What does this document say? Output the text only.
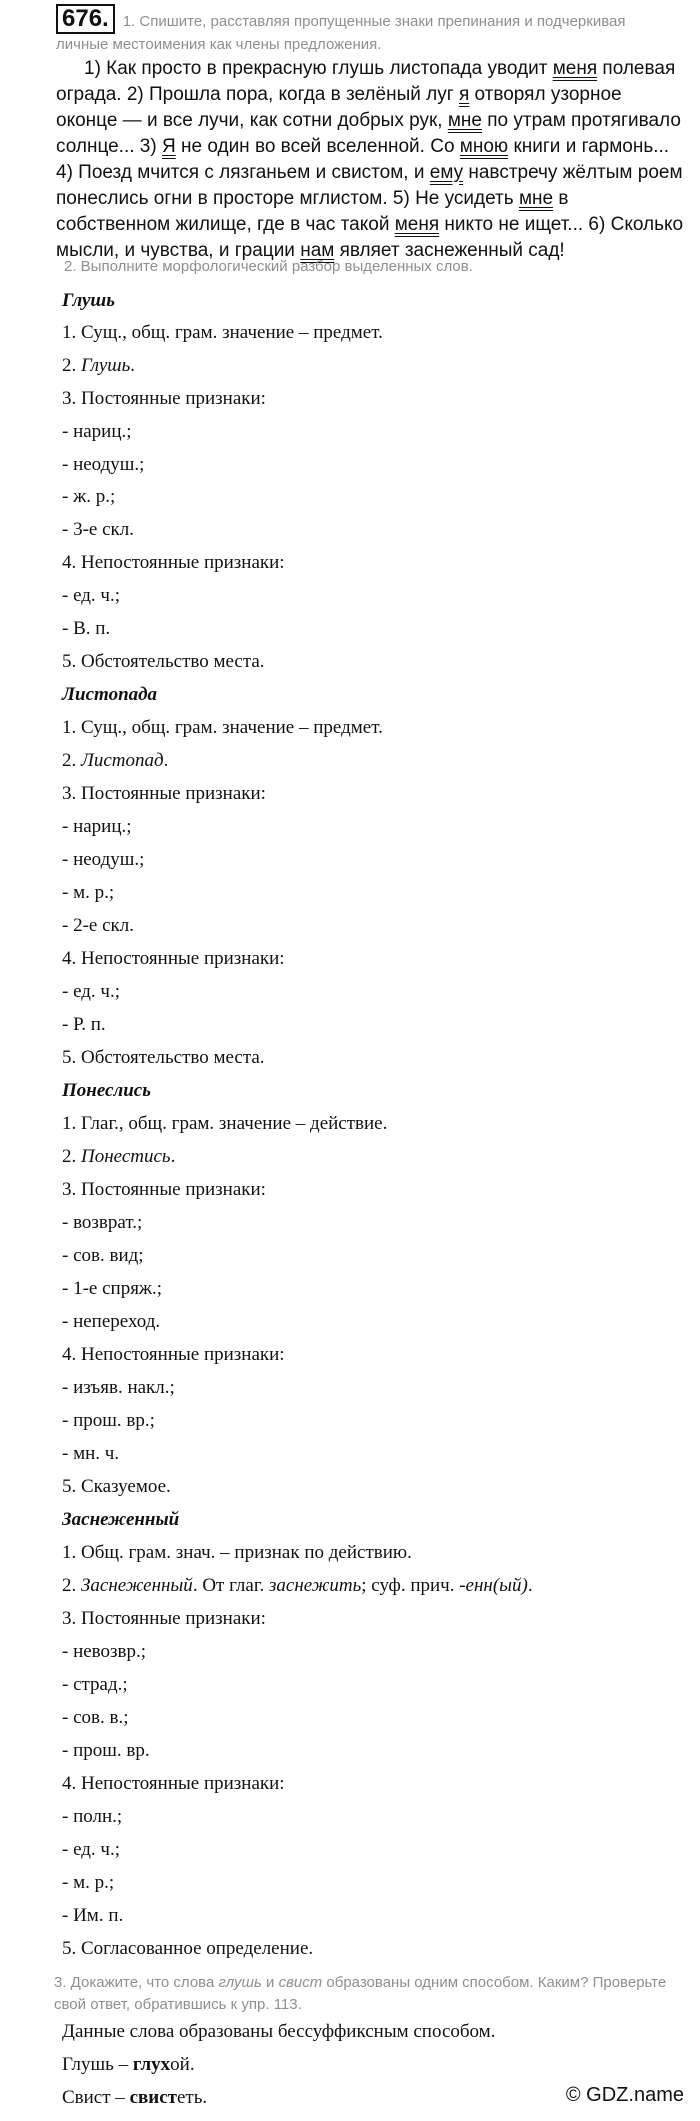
676. 1. Спишите, расставляя пропущенные знаки препинания и подчеркивая личные местоимения как члены предложения.
1) Как просто в прекрасную глушь листопада уводит меня полевая ограда. 2) Прошла пора, когда в зелёный луг я отворял узорное оконце — и все лучи, как сотни добрых рук, мне по утрам протягивало солнце... 3) Я не один во всей вселенной. Со мною книги и гармонь... 4) Поезд мчится с лязганьем и свистом, и ему навстречу жёлтым роем понеслись огни в просторе мглистом. 5) Не усидеть мне в собственном жилище, где в час такой меня никто не ищет... 6) Сколько мысли, и чувства, и грации нам являет заснеженный сад!
2. Выполните морфологический разбор выделенных слов.
Глушь
1. Сущ., общ. грам. значение – предмет.
2. Глушь.
3. Постоянные признаки:
- нариц.;
- неодуш.;
- ж. р.;
- 3-е скл.
4. Непостоянные признаки:
- ед. ч.;
- В. п.
5. Обстоятельство места.
Листопада
1. Сущ., общ. грам. значение – предмет.
2. Листопад.
3. Постоянные признаки:
- нариц.;
- неодуш.;
- м. р.;
- 2-е скл.
4. Непостоянные признаки:
- ед. ч.;
- Р. п.
5. Обстоятельство места.
Понеслись
1. Глаг., общ. грам. значение – действие.
2. Понестись.
3. Постоянные признаки:
- возврат.;
- сов. вид;
- 1-е спряж.;
- непереход.
4. Непостоянные признаки:
- изъяв. накл.;
- прош. вр.;
- мн. ч.
5. Сказуемое.
Заснеженный
1. Общ. грам. знач. – признак по действию.
2. Заснеженный. От глаг. заснежить; суф. прич. -енн(ый).
3. Постоянные признаки:
- невозвр.;
- страд.;
- сов. в.;
- прош. вр.
4. Непостоянные признаки:
- полн.;
- ед. ч.;
- м. р.;
- Им. п.
5. Согласованное определение.
3. Докажите, что слова глушь и свист образованы одним способом. Каким? Проверьте свой ответ, обратившись к упр. 113.
Данные слова образованы бессуффиксным способом.
Глушь – глухой.
Свист – свистеть.	© GDZ.name
